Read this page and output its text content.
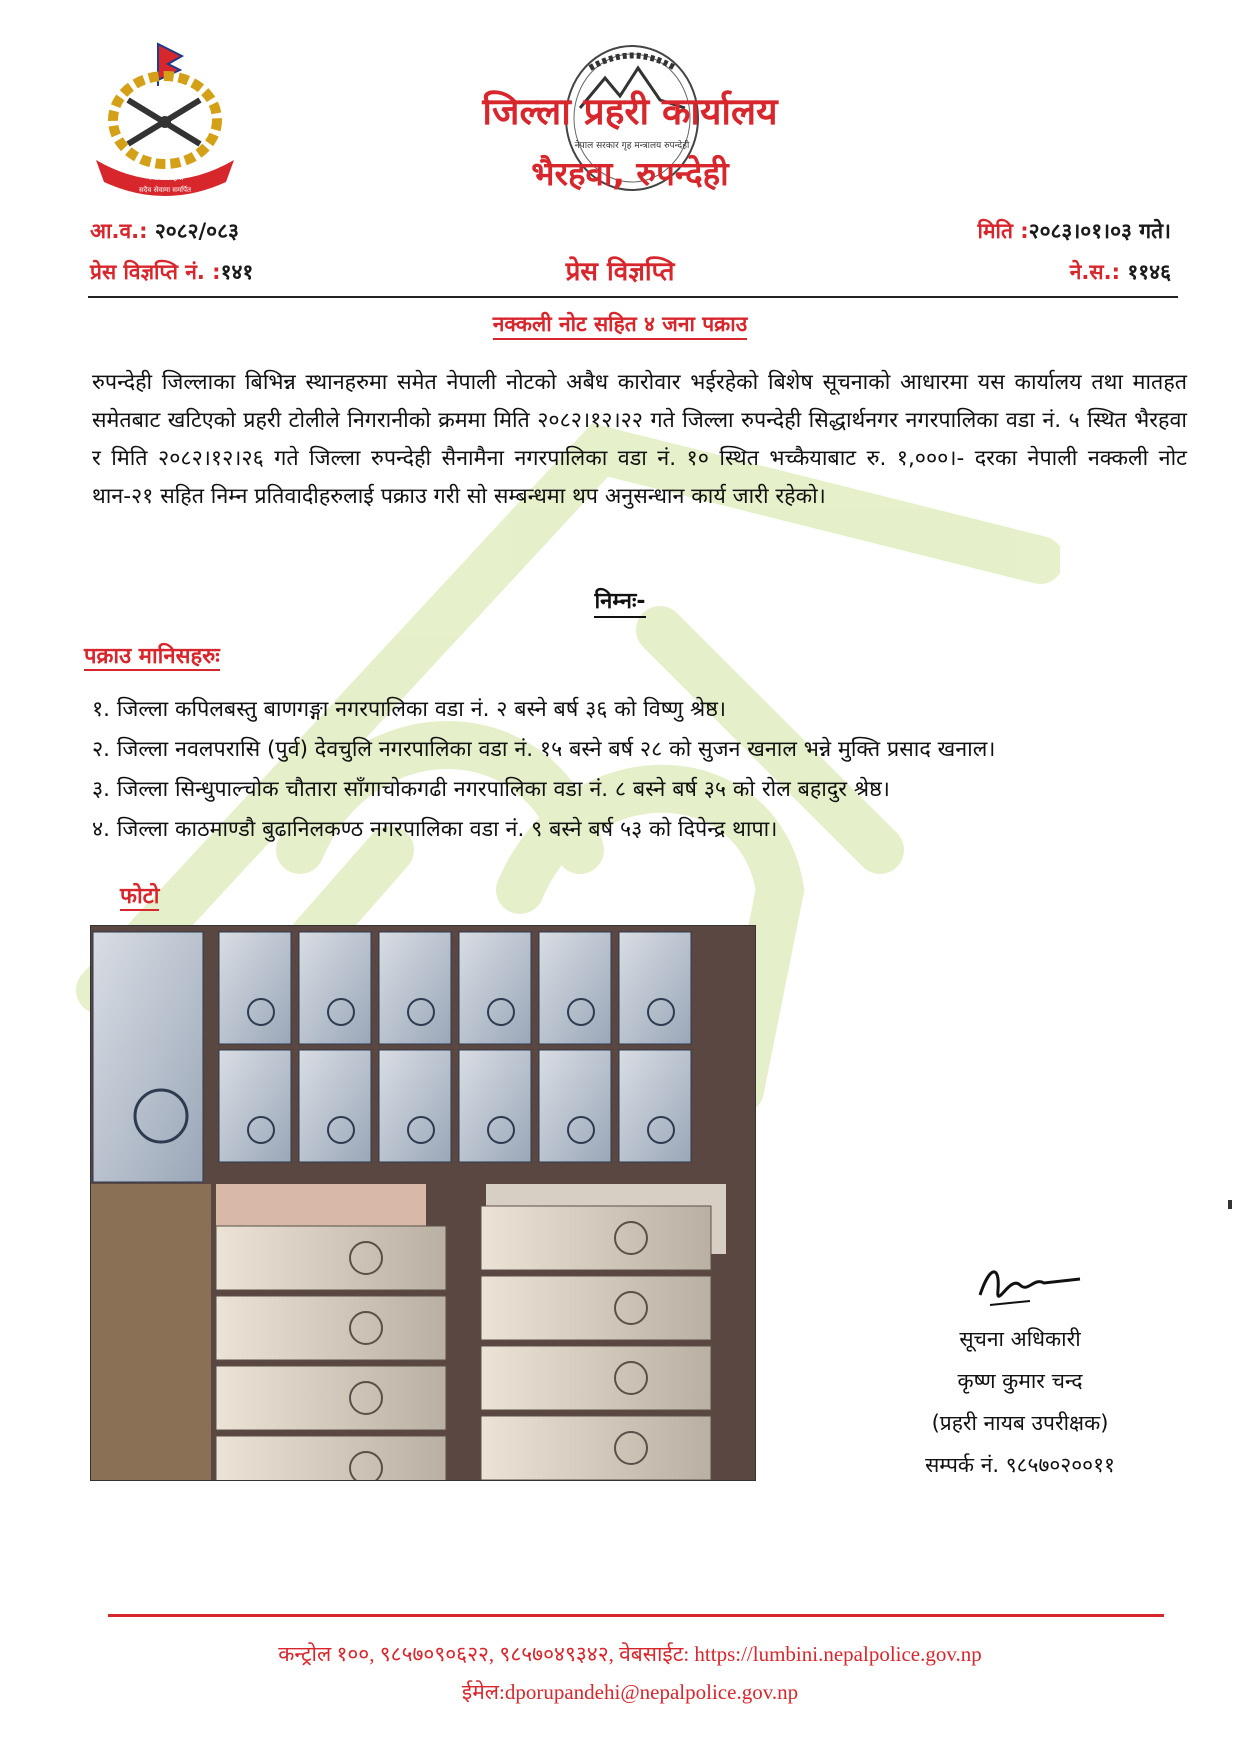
नेपाल प्रहरी
सदैव सेवामा समर्पित
नेपाल सरकार गृह मन्त्रालय रुपन्देही
जिल्ला प्रहरी कार्यालय
भैरहवा, रुपन्देही
आ.व.: २०८२/०८३	मिति :२०८३।०१।०३ गते।
प्रेस विज्ञप्ति नं. :१४१	प्रेस विज्ञप्ति	ने.स.: ११४६
नक्कली नोट सहित ४ जना पक्राउ
रुपन्देही जिल्लाका बिभिन्न स्थानहरुमा समेत नेपाली नोटको अबैध कारोवार भईरहेको बिशेष सूचनाको आधारमा यस कार्यालय तथा मातहत समेतबाट खटिएको प्रहरी टोलीले निगरानीको क्रममा मिति २०८२।१२।२२ गते जिल्ला रुपन्देही सिद्धार्थनगर नगरपालिका वडा नं. ५ स्थित भैरहवा र मिति २०८२।१२।२६ गते जिल्ला रुपन्देही सैनामैना नगरपालिका वडा नं. १० स्थित भच्कैयाबाट रु. १,०००।- दरका नेपाली नक्कली नोट थान-२१ सहित निम्न प्रतिवादीहरुलाई पक्राउ गरी सो सम्बन्धमा थप अनुसन्धान कार्य जारी रहेको।
निम्नः-
पक्राउ मानिसहरुः
१. जिल्ला कपिलबस्तु बाणगङ्गा नगरपालिका वडा नं. २ बस्ने बर्ष ३६ को विष्णु श्रेष्ठ।
२. जिल्ला नवलपरासि (पुर्व) देवचुलि नगरपालिका वडा नं. १५ बस्ने बर्ष २८ को सुजन खनाल भन्ने मुक्ति प्रसाद खनाल।
३. जिल्ला सिन्धुपाल्चोक चौतारा साँगाचोकगढी नगरपालिका वडा नं. ८ बस्ने बर्ष ३५ को रोल बहादुर श्रेष्ठ।
४. जिल्ला काठमाण्डौ बुढानिलकण्ठ नगरपालिका वडा नं. ९ बस्ने बर्ष ५३ को दिपेन्द्र थापा।
फोटो
सूचना अधिकारी
कृष्ण कुमार चन्द
(प्रहरी नायब उपरीक्षक)
सम्पर्क नं. ९८५७०२००११
कन्ट्रोल १००, ९८५७०९०६२२, ९८५७०४९३४२, वेबसाईट: https://lumbini.nepalpolice.gov.np
ईमेल:dporupandehi@nepalpolice.gov.np
